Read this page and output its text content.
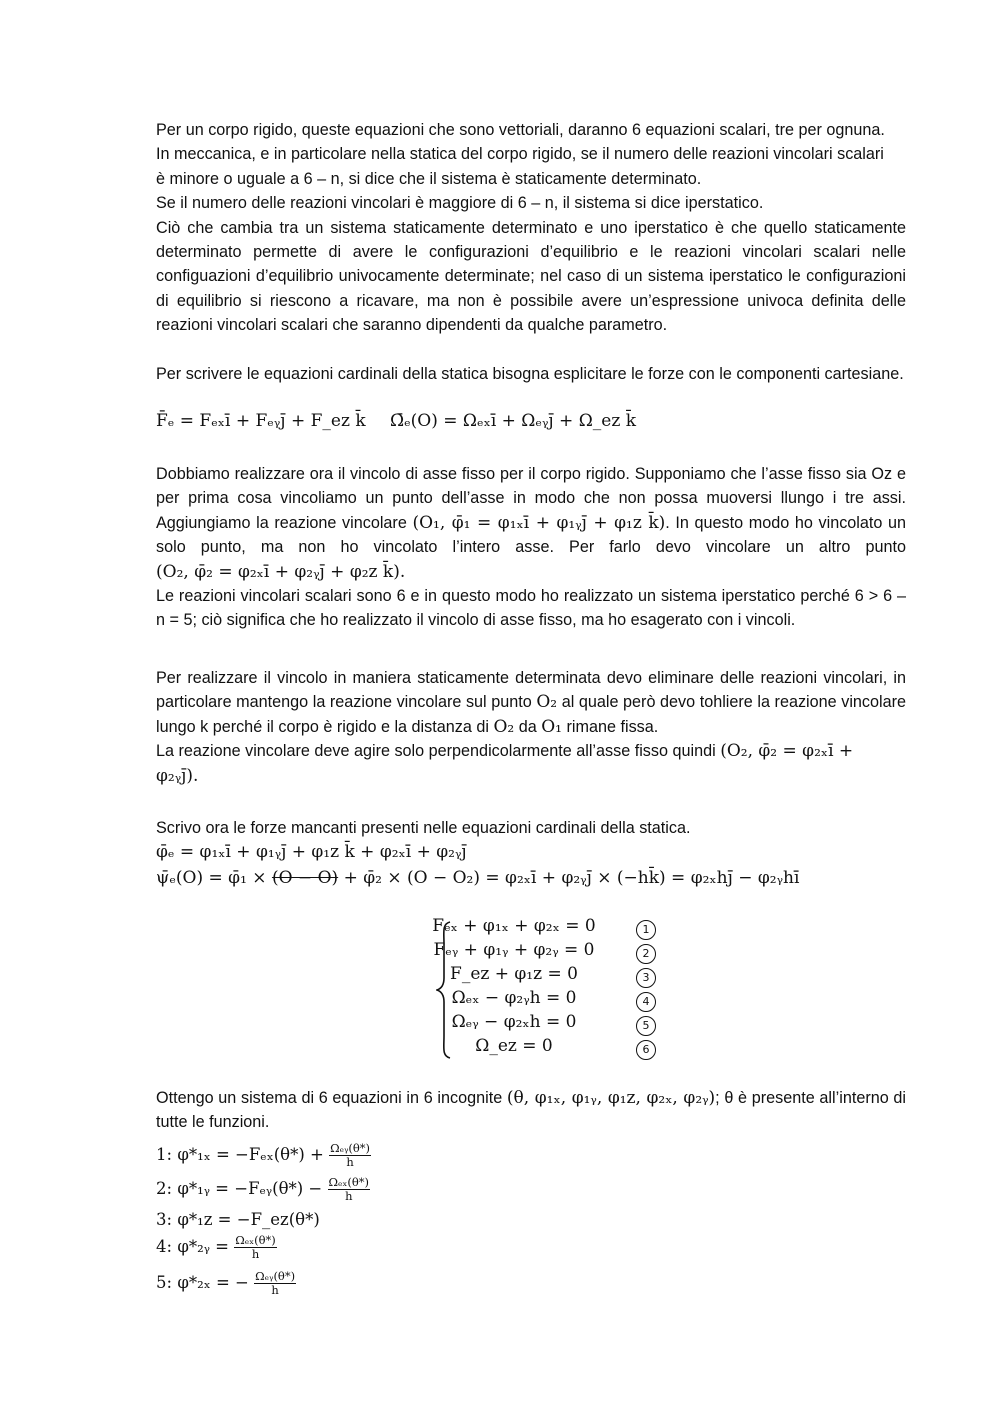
Per un corpo rigido, queste equazioni che sono vettoriali, daranno 6 equazioni scalari, tre per ognuna.

In meccanica, e in particolare nella statica del corpo rigido, se il numero delle reazioni vincolari scalari

è minore o uguale a 6 – n, si dice che il sistema è staticamente determinato.

Se il numero delle reazioni vincolari è maggiore di 6 – n, il sistema si dice iperstatico.

Ciò che cambia tra un sistema staticamente determinato e uno iperstatico è che quello staticamente determinato permette di avere le configurazioni d’equilibrio e le reazioni vincolari scalari nelle configuazioni d’equilibrio univocamente determinate; nel caso di un sistema iperstatico le configurazioni di equilibrio si riescono a ricavare, ma non è possibile avere un’espressione univoca definita delle reazioni vincolari scalari che saranno dipendenti da qualche parametro.

Per scrivere le equazioni cardinali della statica bisogna esplicitare le forze con le componenti cartesiane.

F̄ₑ = Fₑₓī + Fₑᵧj̄ + F_ez k̄ Ω̄ₑ(O) = Ωₑₓī + Ωₑᵧj̄ + Ω_ez k̄

Dobbiamo realizzare ora il vincolo di asse fisso per il corpo rigido. Supponiamo che l’asse fisso sia Oz e per prima cosa vincoliamo un punto dell’asse in modo che non possa muoversi llungo i tre assi. Aggiungiamo la reazione vincolare (O₁, φ̄₁ = φ₁ₓī + φ₁ᵧj̄ + φ₁z k̄). In questo modo ho vincolato un solo punto, ma non ho vincolato l’intero asse. Per farlo devo vincolare un altro punto (O₂, φ̄₂ = φ₂ₓī + φ₂ᵧj̄ + φ₂z k̄).

Le reazioni vincolari scalari sono 6 e in questo modo ho realizzato un sistema iperstatico perché 6 > 6 – n = 5; ciò significa che ho realizzato il vincolo di asse fisso, ma ho esagerato con i vincoli.

Per realizzare il vincolo in maniera staticamente determinata devo eliminare delle reazioni vincolari, in particolare mantengo la reazione vincolare sul punto O₂ al quale però devo tohliere la reazione vincolare lungo k perché il corpo è rigido e la distanza di O₂ da O₁ rimane fissa.

La reazione vincolare deve agire solo perpendicolarmente all’asse fisso quindi (O₂, φ̄₂ = φ₂ₓī +
φ₂ᵧj̄).

Scrivo ora le forze mancanti presenti nelle equazioni cardinali della statica.

φ̄ₑ = φ₁ₓī + φ₁ᵧj̄ + φ₁z k̄ + φ₂ₓī + φ₂ᵧj̄
ψ̄ₑ(O) = φ̄₁ × (O − O) + φ̄₂ × (O − O₂) = φ₂ₓī + φ₂ᵧj̄ × (−hk̄) = φ₂ₓhj̄ − φ₂ᵧhī
Fₑₓ + φ₁ₓ + φ₂ₓ = 0	1
Fₑᵧ + φ₁ᵧ + φ₂ᵧ = 0	2
F_ez + φ₁z = 0	3
Ωₑₓ − φ₂ᵧh = 0	4
Ωₑᵧ − φ₂ₓh = 0	5
Ω_ez = 0	6

Ottengo un sistema di 6 equazioni in 6 incognite (θ, φ₁ₓ, φ₁ᵧ, φ₁z, φ₂ₓ, φ₂ᵧ); θ è presente all’interno di tutte le funzioni.

1: φ*₁ₓ = −Fₑₓ(θ*) + Ωₑᵧ(θ*)
h
2: φ*₁ᵧ = −Fₑᵧ(θ*) − Ωₑₓ(θ*)
h
3: φ*₁z = −F_ez(θ*)
4: φ*₂ᵧ = Ωₑₓ(θ*)
h
5: φ*₂ₓ = − Ωₑᵧ(θ*)
h
